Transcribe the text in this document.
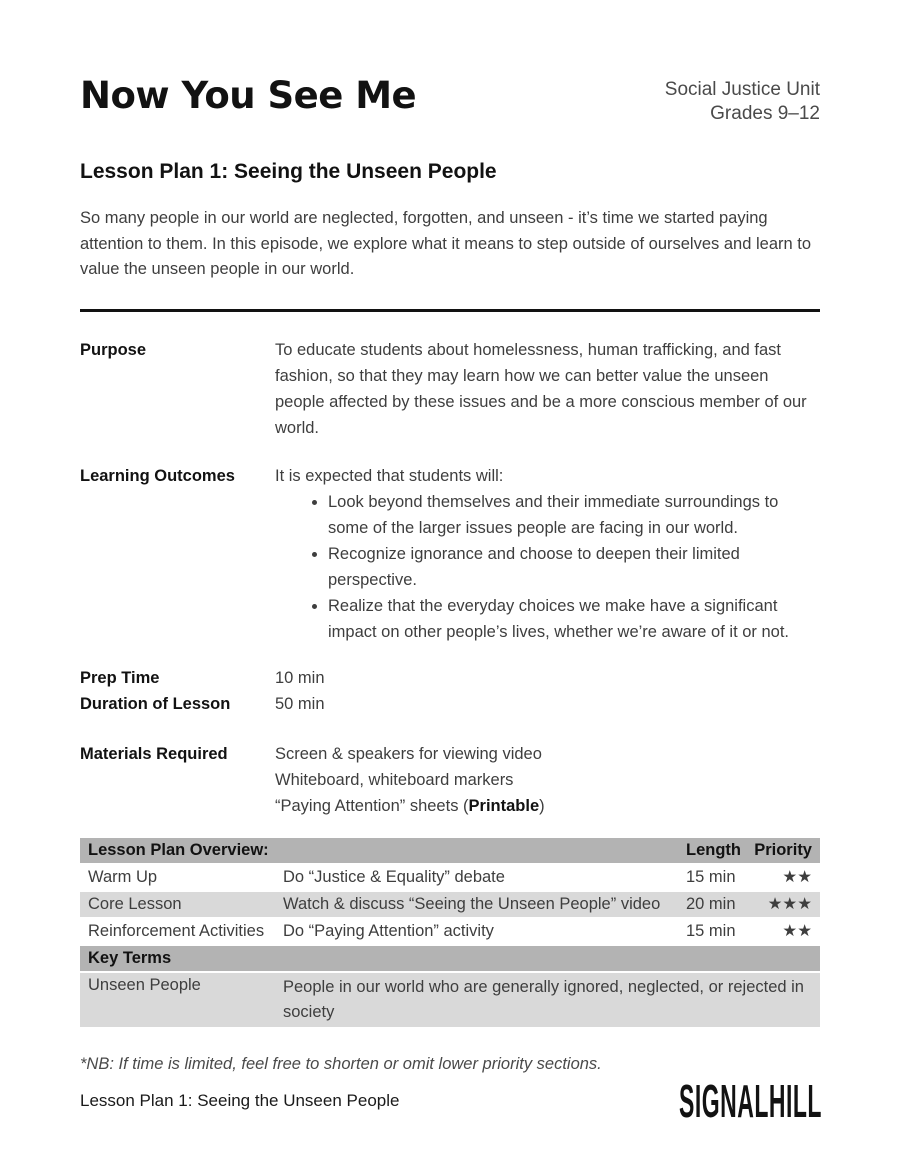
Now You See Me	Social Justice Unit
Grades 9–12
Lesson Plan 1: Seeing the Unseen People

So many people in our world are neglected, forgotten, and unseen - it’s time we started paying attention to them. In this episode, we explore what it means to step outside of ourselves and learn to value the unseen people in our world.

Purpose	To educate students about homelessness, human trafficking, and fast fashion, so that they may learn how we can better value the unseen people affected by these issues and be a more conscious member of our world.
Learning Outcomes	It is expected that students will:
• Look beyond themselves and their immediate surroundings to some of the larger issues people are facing in our world.
• Recognize ignorance and choose to deepen their limited perspective.
• Realize that the everyday choices we make have a significant impact on other people’s lives, whether we’re aware of it or not.
Prep Time	10 min
Duration of Lesson	50 min
Materials Required	Screen & speakers for viewing video
Whiteboard, whiteboard markers
“Paying Attention” sheets (Printable)
Lesson Plan Overview:		Length	Priority
Warm Up	Do “Justice & Equality” debate	15 min	★★
Core Lesson	Watch & discuss “Seeing the Unseen People” video	20 min	★★★
Reinforcement Activities	Do “Paying Attention” activity	15 min	★★
Key Terms			
Unseen People	People in our world who are generally ignored, neglected, or rejected in society		

*NB: If time is limited, feel free to shorten or omit lower priority sections.

Lesson Plan 1: Seeing the Unseen People	SIGNALHILL
